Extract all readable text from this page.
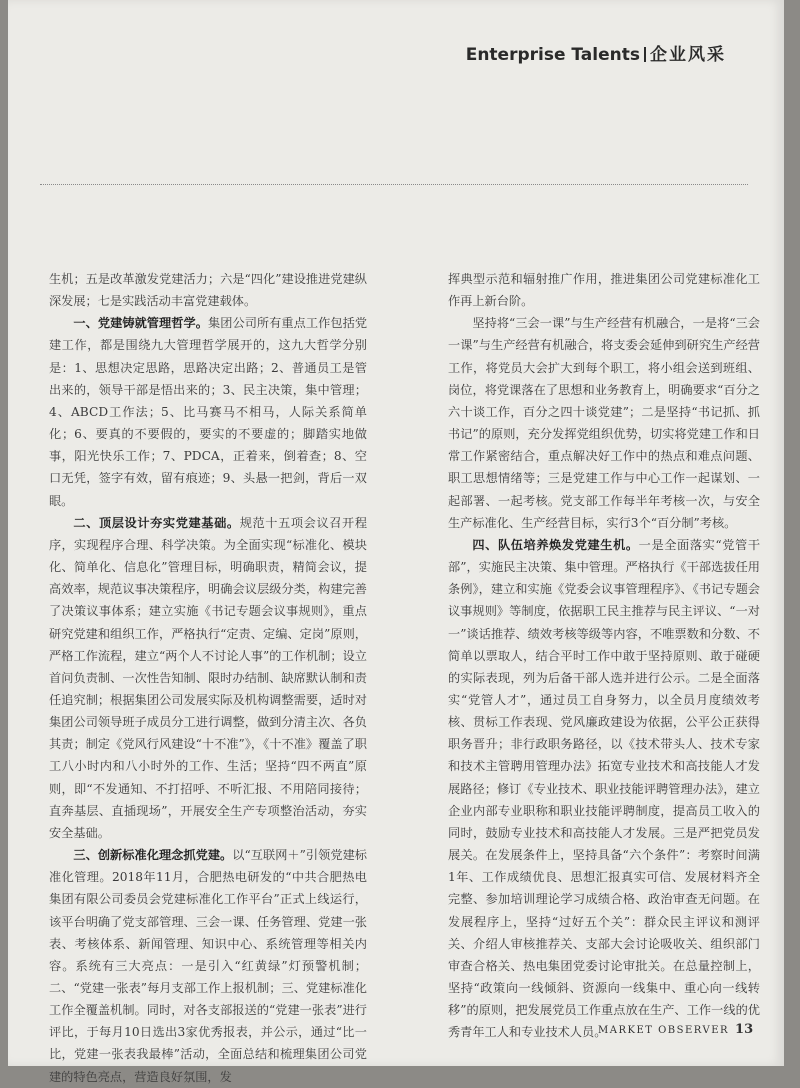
Enterprise Talents 企业风采

生机；五是改革激发党建活力；六是“四化”建设推进党建纵深发展；七是实践活动丰富党建载体。

一、党建铸就管理哲学。集团公司所有重点工作包括党建工作，都是围绕九大管理哲学展开的，这九大哲学分别是：1、思想决定思路，思路决定出路；2、普通员工是管出来的，领导干部是悟出来的；3、民主决策，集中管理；4、ABCD工作法；5、比马赛马不相马，人际关系简单化；6、要真的不要假的，要实的不要虚的；脚踏实地做事，阳光快乐工作；7、PDCA，正着来，倒着查；8、空口无凭，签字有效，留有痕迹；9、头悬一把剑，背后一双眼。

二、顶层设计夯实党建基础。规范十五项会议召开程序，实现程序合理、科学决策。为全面实现“标准化、模块化、简单化、信息化”管理目标，明确职责，精简会议，提高效率，规范议事决策程序，明确会议层级分类，构建完善了决策议事体系；建立实施《书记专题会议事规则》，重点研究党建和组织工作，严格执行“定责、定编、定岗”原则，严格工作流程，建立“两个人不讨论人事”的工作机制；设立首问负责制、一次性告知制、限时办结制、缺席默认制和责任追究制；根据集团公司发展实际及机构调整需要，适时对集团公司领导班子成员分工进行调整，做到分清主次、各负其责；制定《党风行风建设“十不准”》，《十不准》覆盖了职工八小时内和八小时外的工作、生活；坚持“四不两直”原则，即“不发通知、不打招呼、不听汇报、不用陪同接待；直奔基层、直插现场”，开展安全生产专项整治活动，夯实安全基础。

三、创新标准化理念抓党建。以“互联网＋”引领党建标准化管理。2018年11月，合肥热电研发的“中共合肥热电集团有限公司委员会党建标准化工作平台”正式上线运行，该平台明确了党支部管理、三会一课、任务管理、党建一张表、考核体系、新闻管理、知识中心、系统管理等相关内容。系统有三大亮点：一是引入“红黄绿”灯预警机制；二、“党建一张表”每月支部工作上报机制；三、党建标准化工作全覆盖机制。同时，对各支部报送的“党建一张表”进行评比，于每月10日选出3家优秀报表，并公示，通过“比一比，党建一张表我最棒”活动，全面总结和梳理集团公司党建的特色亮点，营造良好氛围，发

挥典型示范和辐射推广作用，推进集团公司党建标准化工作再上新台阶。

坚持将“三会一课”与生产经营有机融合，一是将“三会一课”与生产经营有机融合，将支委会延伸到研究生产经营工作，将党员大会扩大到每个职工，将小组会送到班组、岗位，将党课落在了思想和业务教育上，明确要求“百分之六十谈工作，百分之四十谈党建”；二是坚持“书记抓、抓书记”的原则，充分发挥党组织优势，切实将党建工作和日常工作紧密结合，重点解决好工作中的热点和难点问题、职工思想情绪等；三是党建工作与中心工作一起谋划、一起部署、一起考核。党支部工作每半年考核一次，与安全生产标准化、生产经营目标，实行3个“百分制”考核。

四、队伍培养焕发党建生机。一是全面落实“党管干部”，实施民主决策、集中管理。严格执行《干部选拔任用条例》，建立和实施《党委会议事管理程序》、《书记专题会议事规则》等制度，依据职工民主推荐与民主评议、“一对一”谈话推荐、绩效考核等级等内容，不唯票数和分数、不简单以票取人，结合平时工作中敢于坚持原则、敢于碰硬的实际表现，列为后备干部人选并进行公示。二是全面落实“党管人才”，通过员工自身努力，以全员月度绩效考核、贯标工作表现、党风廉政建设为依据，公平公正获得职务晋升；非行政职务路径，以《技术带头人、技术专家和技术主管聘用管理办法》拓宽专业技术和高技能人才发展路径；修订《专业技术、职业技能评聘管理办法》，建立企业内部专业职称和职业技能评聘制度，提高员工收入的同时，鼓励专业技术和高技能人才发展。三是严把党员发展关。在发展条件上，坚持具备“六个条件”：考察时间满1年、工作成绩优良、思想汇报真实可信、发展材料齐全完整、参加培训理论学习成绩合格、政治审查无问题。在发展程序上，坚持“过好五个关”：群众民主评议和测评关、介绍人审核推荐关、支部大会讨论吸收关、组织部门审查合格关、热电集团党委讨论审批关。在总量控制上，坚持“政策向一线倾斜、资源向一线集中、重心向一线转移”的原则，把发展党员工作重点放在生产、工作一线的优秀青年工人和专业技术人员。

MARKET OBSERVER 13
